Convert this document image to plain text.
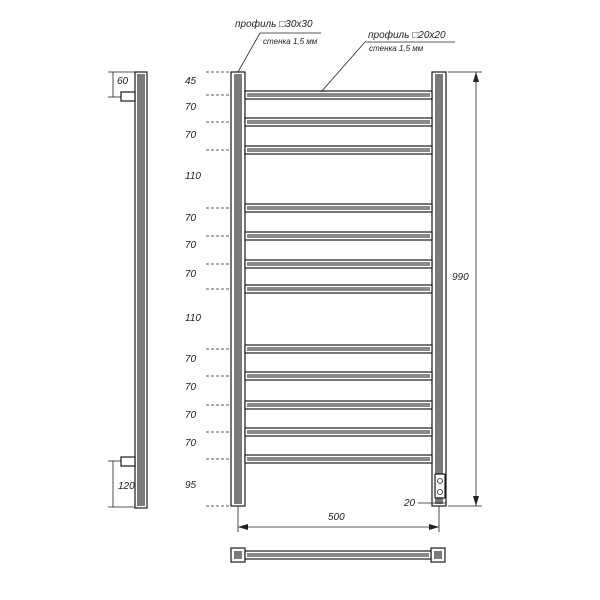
60
120
45
70
70
110
70
70
70
110
70
70
70
70
95
20
990
500
профиль □30x30
стенка 1,5 мм
профиль □20x20
стенка 1,5 мм
